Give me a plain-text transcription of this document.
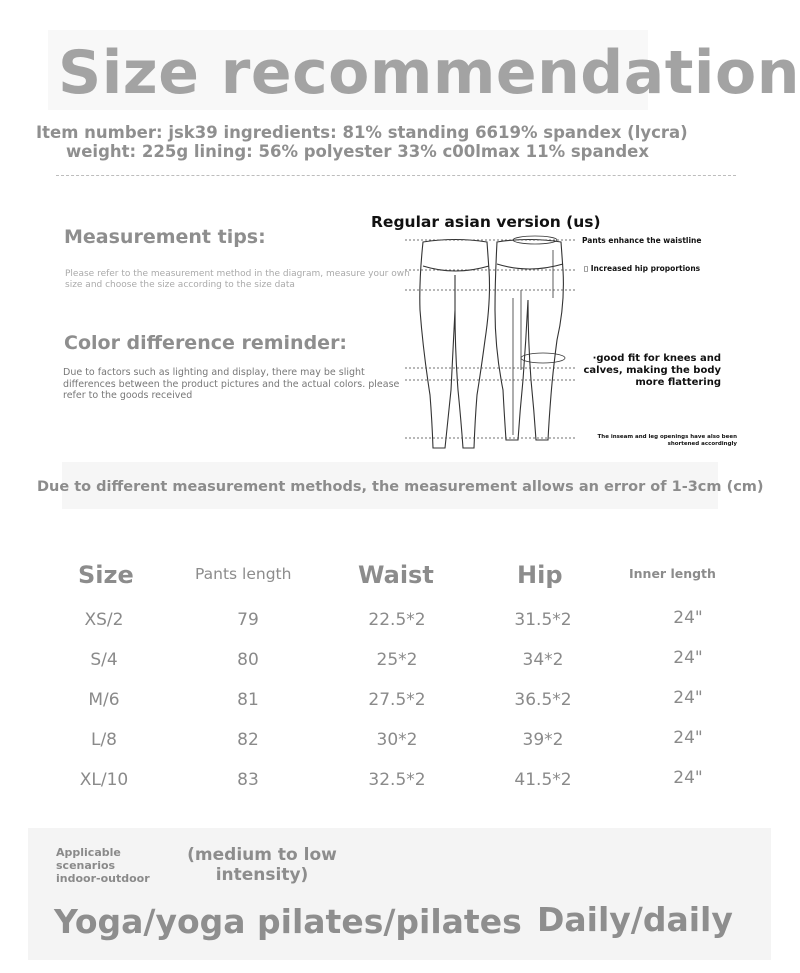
Size recommendation
Item number: jsk39 ingredients: 81% standing 6619% spandex (lycra)
weight: 225g lining: 56% polyester 33% c00lmax 11% spandex
Measurement tips:
Please refer to the measurement method in the diagram, measure your own size and choose the size according to the size data
Color difference reminder:
Due to factors such as lighting and display, there may be slight differences between the product pictures and the actual colors. please refer to the goods received
Regular asian version (us)
Pants enhance the waistline
▯ Increased hip proportions
·good fit for knees and calves, making the body more flattering
The inseam and leg openings have also been shortened accordingly
Due to different measurement methods, the measurement allows an error of 1-3cm (cm)
Size	Pants length	Waist	Hip	Inner length
XS/2	79	22.5*2	31.5*2	24"
S/4	80	25*2	34*2	24"
M/6	81	27.5*2	36.5*2	24"
L/8	82	30*2	39*2	24"
XL/10	83	32.5*2	41.5*2	24"
Applicable
scenarios
indoor-outdoor
(medium to low intensity)
Yoga/yoga pilates/pilates Daily/daily
